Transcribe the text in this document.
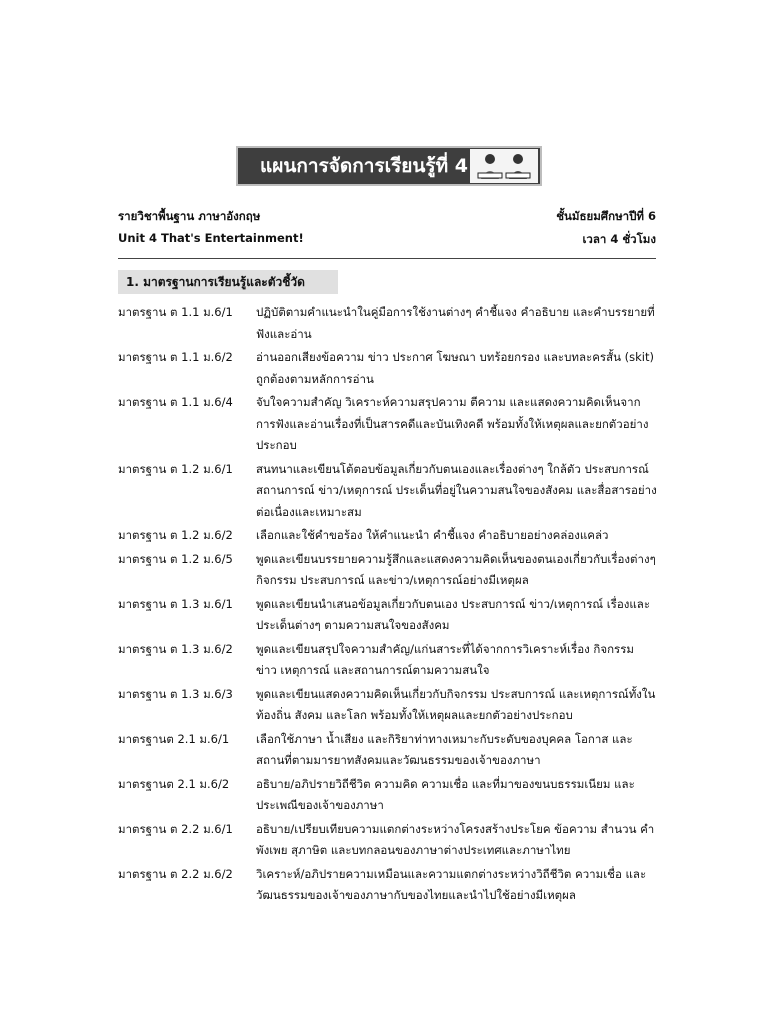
แผนการจัดการเรียนรู้ที่ 4
รายวิชาพื้นฐาน ภาษาอังกฤษ	ชั้นมัธยมศึกษาปีที่ 6
Unit 4 That's Entertainment!	เวลา 4 ชั่วโมง
1. มาตรฐานการเรียนรู้และตัวชี้วัด
มาตรฐาน ต 1.1 ม.6/1	ปฏิบัติตามคำแนะนำในคู่มือการใช้งานต่างๆ คำชี้แจง คำอธิบาย และคำบรรยายที่ฟังและอ่าน
มาตรฐาน ต 1.1 ม.6/2	อ่านออกเสียงข้อความ ข่าว ประกาศ โฆษณา บทร้อยกรอง และบทละครสั้น (skit) ถูกต้องตามหลักการอ่าน
มาตรฐาน ต 1.1 ม.6/4	จับใจความสำคัญ วิเคราะห์ความสรุปความ ตีความ และแสดงความคิดเห็นจากการฟังและอ่านเรื่องที่เป็นสารคดีและบันเทิงคดี พร้อมทั้งให้เหตุผลและยกตัวอย่างประกอบ
มาตรฐาน ต 1.2 ม.6/1	สนทนาและเขียนโต้ตอบข้อมูลเกี่ยวกับตนเองและเรื่องต่างๆ ใกล้ตัว ประสบการณ์ สถานการณ์ ข่าว/เหตุการณ์ ประเด็นที่อยู่ในความสนใจของสังคม และสื่อสารอย่างต่อเนื่องและเหมาะสม
มาตรฐาน ต 1.2 ม.6/2	เลือกและใช้คำขอร้อง ให้คำแนะนำ คำชี้แจง คำอธิบายอย่างคล่องแคล่ว
มาตรฐาน ต 1.2 ม.6/5	พูดและเขียนบรรยายความรู้สึกและแสดงความคิดเห็นของตนเองเกี่ยวกับเรื่องต่างๆ กิจกรรม ประสบการณ์ และข่าว/เหตุการณ์อย่างมีเหตุผล
มาตรฐาน ต 1.3 ม.6/1	พูดและเขียนนำเสนอข้อมูลเกี่ยวกับตนเอง ประสบการณ์ ข่าว/เหตุการณ์ เรื่องและประเด็นต่างๆ ตามความสนใจของสังคม
มาตรฐาน ต 1.3 ม.6/2	พูดและเขียนสรุปใจความสำคัญ/แก่นสาระที่ได้จากการวิเคราะห์เรื่อง กิจกรรม ข่าว เหตุการณ์ และสถานการณ์ตามความสนใจ
มาตรฐาน ต 1.3 ม.6/3	พูดและเขียนแสดงความคิดเห็นเกี่ยวกับกิจกรรม ประสบการณ์ และเหตุการณ์ทั้งในท้องถิ่น สังคม และโลก พร้อมทั้งให้เหตุผลและยกตัวอย่างประกอบ
มาตรฐานต 2.1 ม.6/1	เลือกใช้ภาษา น้ำเสียง และกิริยาท่าทางเหมาะกับระดับของบุคคล โอกาส และสถานที่ตามมารยาทสังคมและวัฒนธรรมของเจ้าของภาษา
มาตรฐานต 2.1 ม.6/2	อธิบาย/อภิปรายวิถีชีวิต ความคิด ความเชื่อ และที่มาของขนบธรรมเนียม และประเพณีของเจ้าของภาษา
มาตรฐาน ต 2.2 ม.6/1	อธิบาย/เปรียบเทียบความแตกต่างระหว่างโครงสร้างประโยค ข้อความ สำนวน คำพังเพย สุภาษิต และบทกลอนของภาษาต่างประเทศและภาษาไทย
มาตรฐาน ต 2.2 ม.6/2	วิเคราะห์/อภิปรายความเหมือนและความแตกต่างระหว่างวิถีชีวิต ความเชื่อ และวัฒนธรรมของเจ้าของภาษากับของไทยและนำไปใช้อย่างมีเหตุผล
